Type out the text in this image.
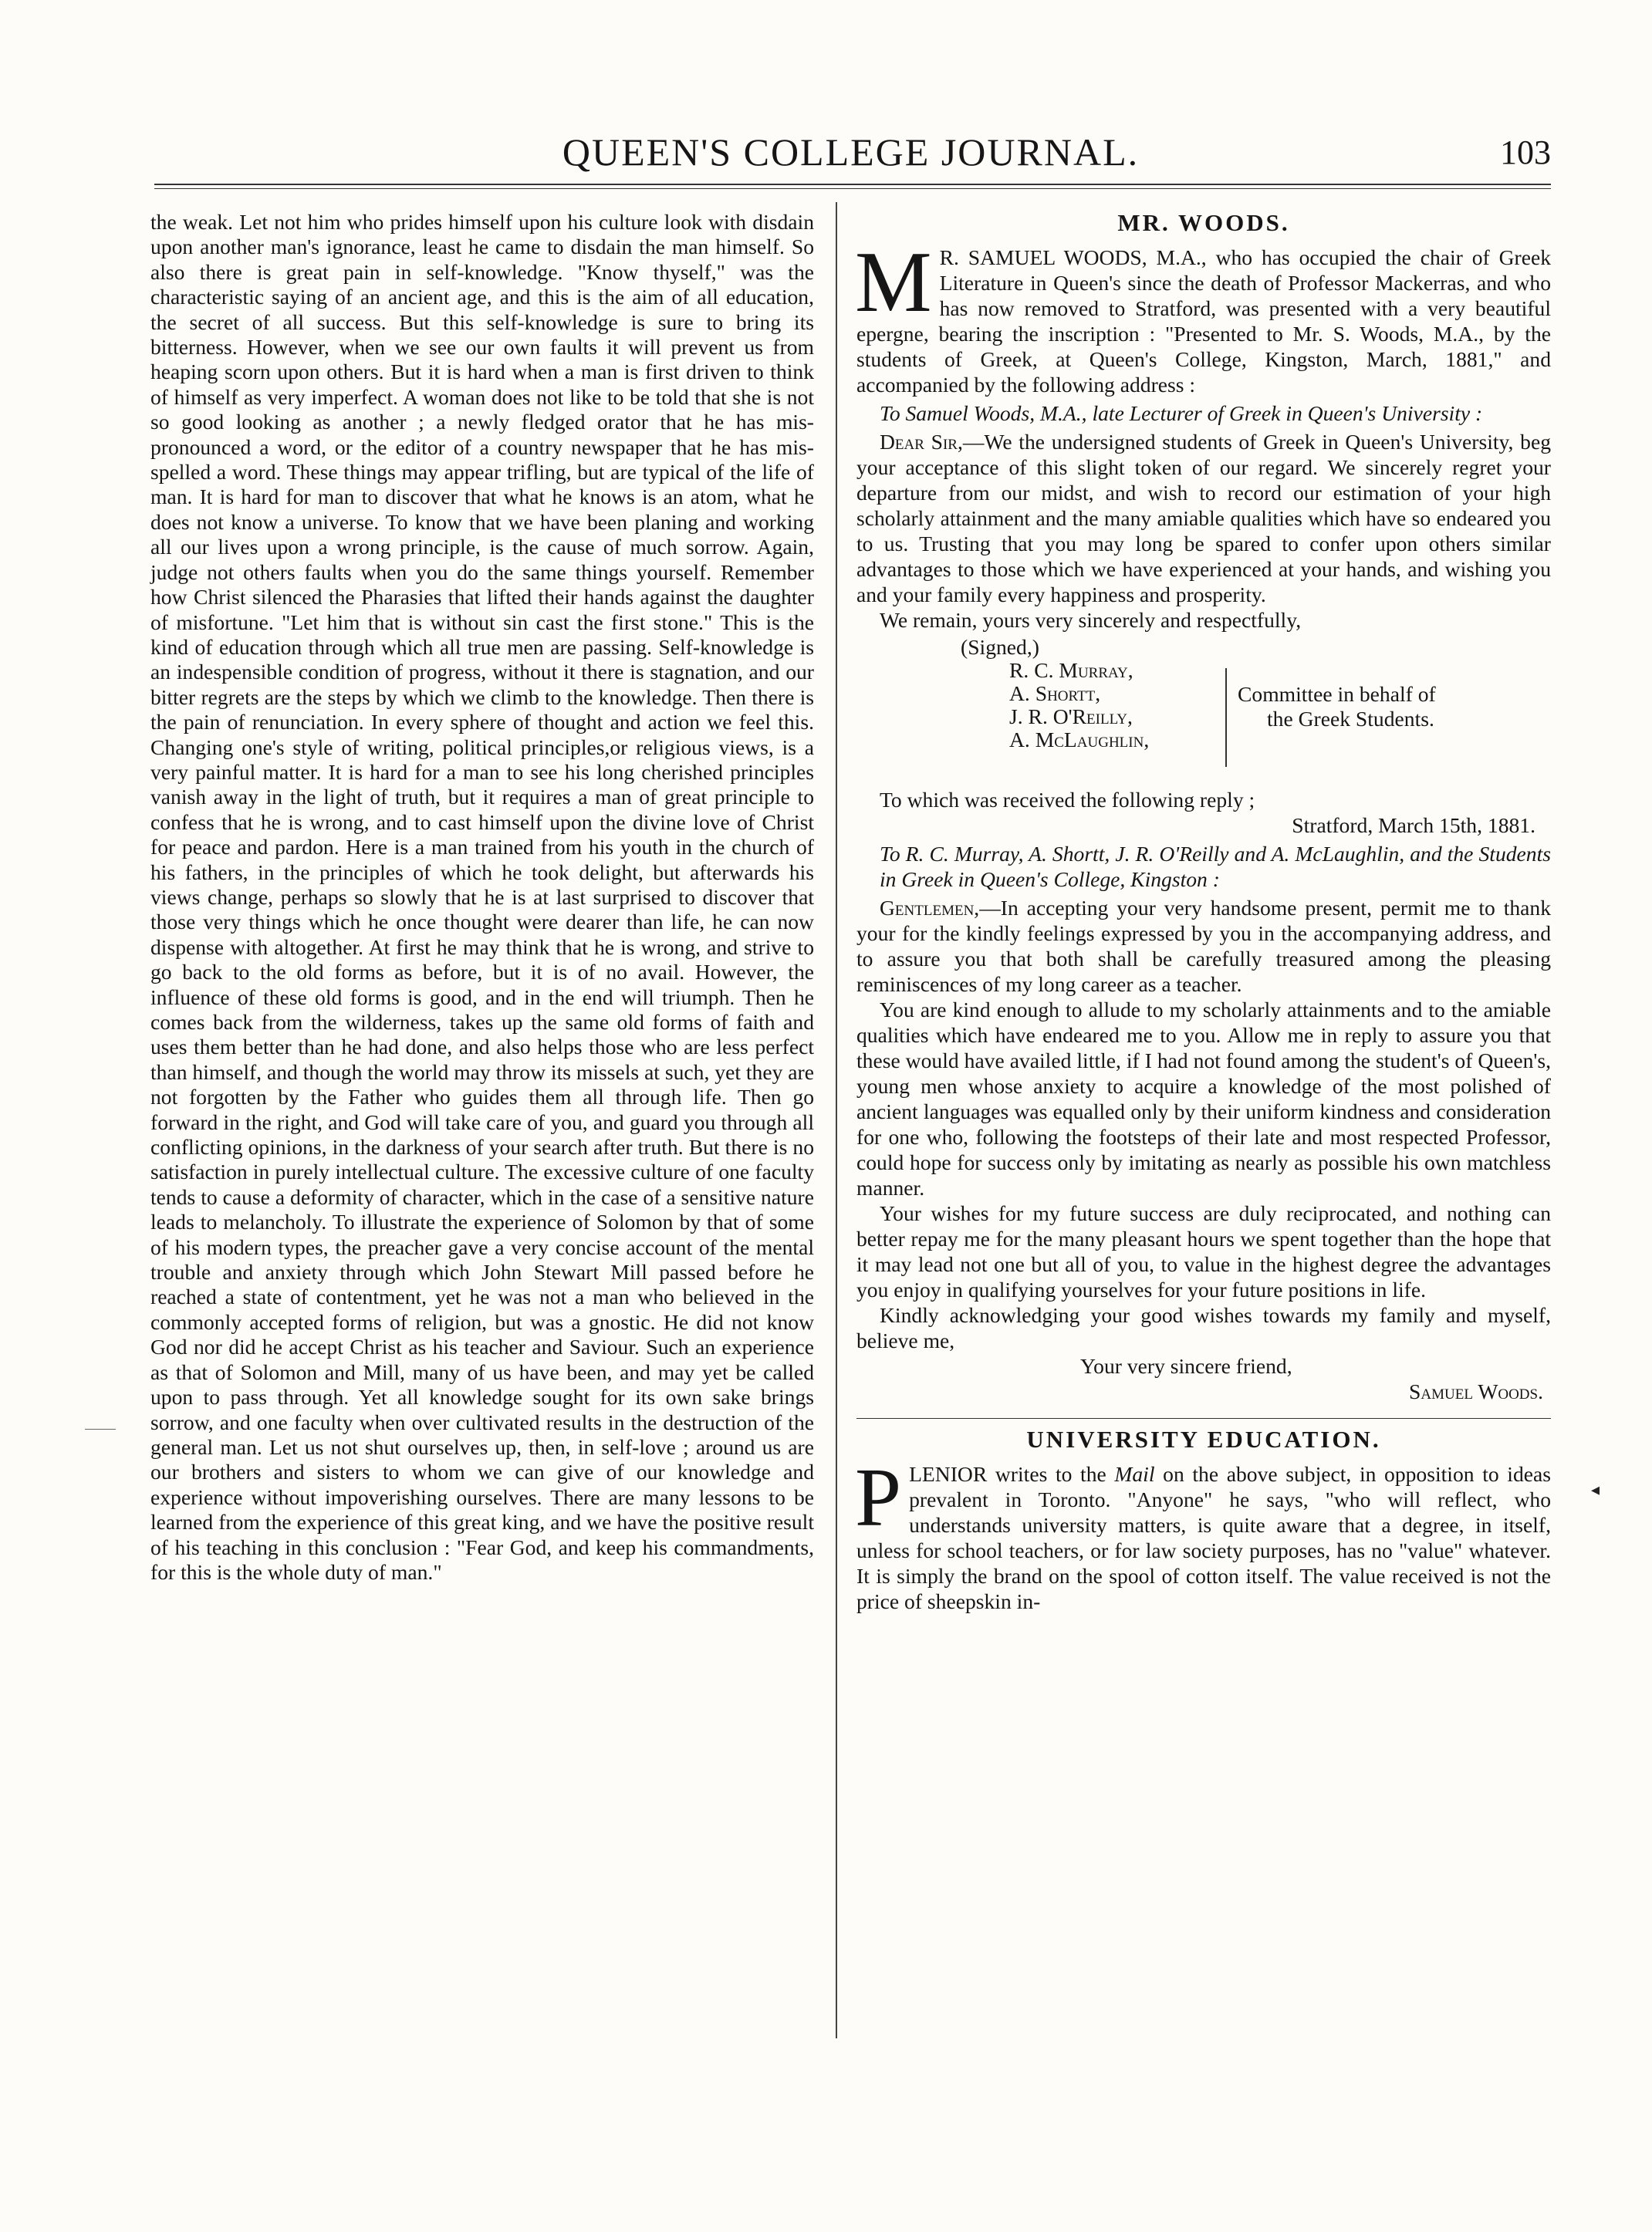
QUEEN'S COLLEGE JOURNAL.	103

the weak. Let not him who prides himself upon his culture look with disdain upon another man's ignorance, least he came to disdain the man himself. So also there is great pain in self-knowledge. "Know thyself," was the characteristic saying of an ancient age, and this is the aim of all education, the secret of all success. But this self-knowledge is sure to bring its bitterness. However, when we see our own faults it will prevent us from heaping scorn upon others. But it is hard when a man is first driven to think of himself as very imperfect. A woman does not like to be told that she is not so good looking as another ; a newly fledged orator that he has mis-pronounced a word, or the editor of a country newspaper that he has mis-spelled a word. These things may appear trifling, but are typical of the life of man. It is hard for man to discover that what he knows is an atom, what he does not know a universe. To know that we have been planing and working all our lives upon a wrong principle, is the cause of much sorrow. Again, judge not others faults when you do the same things yourself. Remember how Christ silenced the Pharasies that lifted their hands against the daughter of misfortune. "Let him that is without sin cast the first stone." This is the kind of education through which all true men are passing. Self-knowledge is an indespensible condition of progress, without it there is stagnation, and our bitter regrets are the steps by which we climb to the knowledge. Then there is the pain of renunciation. In every sphere of thought and action we feel this. Changing one's style of writing, political principles,or religious views, is a very painful matter. It is hard for a man to see his long cherished principles vanish away in the light of truth, but it requires a man of great principle to confess that he is wrong, and to cast himself upon the divine love of Christ for peace and pardon. Here is a man trained from his youth in the church of his fathers, in the principles of which he took delight, but afterwards his views change, perhaps so slowly that he is at last surprised to discover that those very things which he once thought were dearer than life, he can now dispense with altogether. At first he may think that he is wrong, and strive to go back to the old forms as before, but it is of no avail. However, the influence of these old forms is good, and in the end will triumph. Then he comes back from the wilderness, takes up the same old forms of faith and uses them better than he had done, and also helps those who are less perfect than himself, and though the world may throw its missels at such, yet they are not forgotten by the Father who guides them all through life. Then go forward in the right, and God will take care of you, and guard you through all conflicting opinions, in the darkness of your search after truth. But there is no satisfaction in purely intellectual culture. The excessive culture of one faculty tends to cause a deformity of character, which in the case of a sensitive nature leads to melancholy. To illustrate the experience of Solomon by that of some of his modern types, the preacher gave a very concise account of the mental trouble and anxiety through which John Stewart Mill passed before he reached a state of contentment, yet he was not a man who believed in the commonly accepted forms of religion, but was a gnostic. He did not know God nor did he accept Christ as his teacher and Saviour. Such an experience as that of Solomon and Mill, many of us have been, and may yet be called upon to pass through. Yet all knowledge sought for its own sake brings sorrow, and one faculty when over cultivated results in the destruction of the general man. Let us not shut ourselves up, then, in self-love ; around us are our brothers and sisters to whom we can give of our knowledge and experience without impoverishing ourselves. There are many lessons to be learned from the experience of this great king, and we have the positive result of his teaching in this conclusion : "Fear God, and keep his commandments, for this is the whole duty of man."

MR. WOODS.

M R. SAMUEL WOODS, M.A., who has occupied the chair of Greek Literature in Queen's since the death of Professor Mackerras, and who has now removed to Stratford, was presented with a very beautiful epergne, bearing the inscription : "Presented to Mr. S. Woods, M.A., by the students of Greek, at Queen's College, Kingston, March, 1881," and accompanied by the following address :

To Samuel Woods, M.A., late Lecturer of Greek in Queen's University :

Dear Sir,—We the undersigned students of Greek in Queen's University, beg your acceptance of this slight token of our regard. We sincerely regret your departure from our midst, and wish to record our estimation of your high scholarly attainment and the many amiable qualities which have so endeared you to us. Trusting that you may long be spared to confer upon others similar advantages to those which we have experienced at your hands, and wishing you and your family every happiness and prosperity.

We remain, yours very sincerely and respectfully,

(Signed,)
R. C. Murray,
A. Shortt,
J. R. O'Reilly,
A. McLaughlin,
Committee in behalf of
the Greek Students.

To which was received the following reply ;

Stratford, March 15th, 1881.

To R. C. Murray, A. Shortt, J. R. O'Reilly and A. McLaughlin, and the Students in Greek in Queen's College, Kingston :

Gentlemen,—In accepting your very handsome present, permit me to thank your for the kindly feelings expressed by you in the accompanying address, and to assure you that both shall be carefully treasured among the pleasing reminiscences of my long career as a teacher.

You are kind enough to allude to my scholarly attainments and to the amiable qualities which have endeared me to you. Allow me in reply to assure you that these would have availed little, if I had not found among the student's of Queen's, young men whose anxiety to acquire a knowledge of the most polished of ancient languages was equalled only by their uniform kindness and consideration for one who, following the footsteps of their late and most respected Professor, could hope for success only by imitating as nearly as possible his own matchless manner.

Your wishes for my future success are duly reciprocated, and nothing can better repay me for the many pleasant hours we spent together than the hope that it may lead not one but all of you, to value in the highest degree the advantages you enjoy in qualifying yourselves for your future positions in life.

Kindly acknowledging your good wishes towards my family and myself, believe me,

Your very sincere friend,

Samuel Woods.

UNIVERSITY EDUCATION.

PLENIOR writes to the Mail on the above subject, in opposition to ideas prevalent in Toronto. "Anyone" he says, "who will reflect, who understands university matters, is quite aware that a degree, in itself, unless for school teachers, or for law society purposes, has no "value" whatever. It is simply the brand on the spool of cotton itself. The value received is not the price of sheepskin in-

◂
